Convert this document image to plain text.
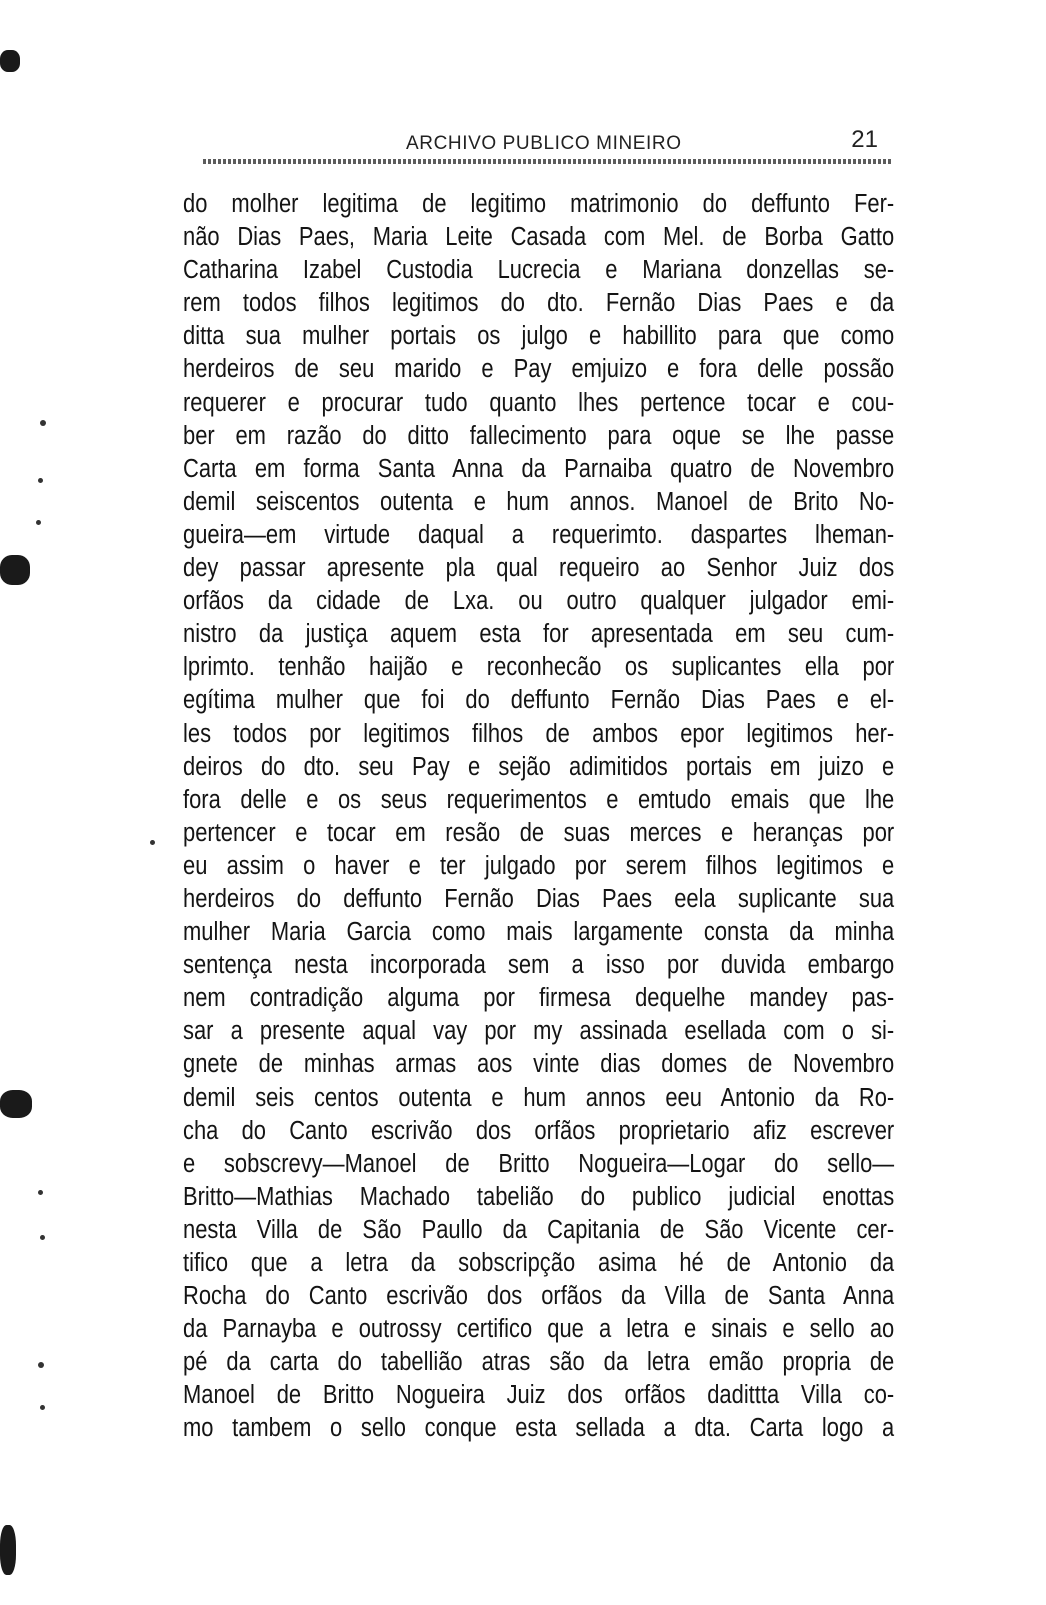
ARCHIVO PUBLICO MINEIRO	21
do molher legitima de legitimo matrimonio do deffunto Fer-
não Dias Paes, Maria Leite Casada com Mel. de Borba Gatto
Catharina Izabel Custodia Lucrecia e Mariana donzellas se-
rem todos filhos legitimos do dto. Fernão Dias Paes e da
ditta sua mulher portais os julgo e habillito para que como
herdeiros de seu marido e Pay emjuizo e fora delle possão
requerer e procurar tudo quanto lhes pertence tocar e cou-
ber em razão do ditto fallecimento para oque se lhe passe
Carta em forma Santa Anna da Parnaiba quatro de Novembro
demil seiscentos outenta e hum annos. Manoel de Brito No-
gueira—em virtude daqual a requerimto. daspartes lheman-
dey passar apresente pla qual requeiro ao Senhor Juiz dos
orfãos da cidade de Lxa. ou outro qualquer julgador emi-
nistro da justiça aquem esta for apresentada em seu cum-
lprimto. tenhão haijão e reconhecão os suplicantes ella por
egítima mulher que foi do deffunto Fernão Dias Paes e el-
les todos por legitimos filhos de ambos epor legitimos her-
deiros do dto. seu Pay e sejão adimitidos portais em juizo e
fora delle e os seus requerimentos e emtudo emais que lhe
pertencer e tocar em resão de suas merces e heranças por
eu assim o haver e ter julgado por serem filhos legitimos e
herdeiros do deffunto Fernão Dias Paes eela suplicante sua
mulher Maria Garcia como mais largamente consta da minha
sentença nesta incorporada sem a isso por duvida embargo
nem contradição alguma por firmesa dequelhe mandey pas-
sar a presente aqual vay por my assinada esellada com o si-
gnete de minhas armas aos vinte dias domes de Novembro
demil seis centos outenta e hum annos eeu Antonio da Ro-
cha do Canto escrivão dos orfãos proprietario afiz escrever
e sobscrevy—Manoel de Britto Nogueira—Logar do sello—
Britto—Mathias Machado tabelião do publico judicial enottas
nesta Villa de São Paullo da Capitania de São Vicente cer-
tifico que a letra da sobscripção asima hé de Antonio da
Rocha do Canto escrivão dos orfãos da Villa de Santa Anna
da Parnayba e outrossy certifico que a letra e sinais e sello ao
pé da carta do tabellião atras são da letra emão propria de
Manoel de Britto Nogueira Juiz dos orfãos dadittta Villa co-
mo tambem o sello conque esta sellada a dta. Carta logo a
